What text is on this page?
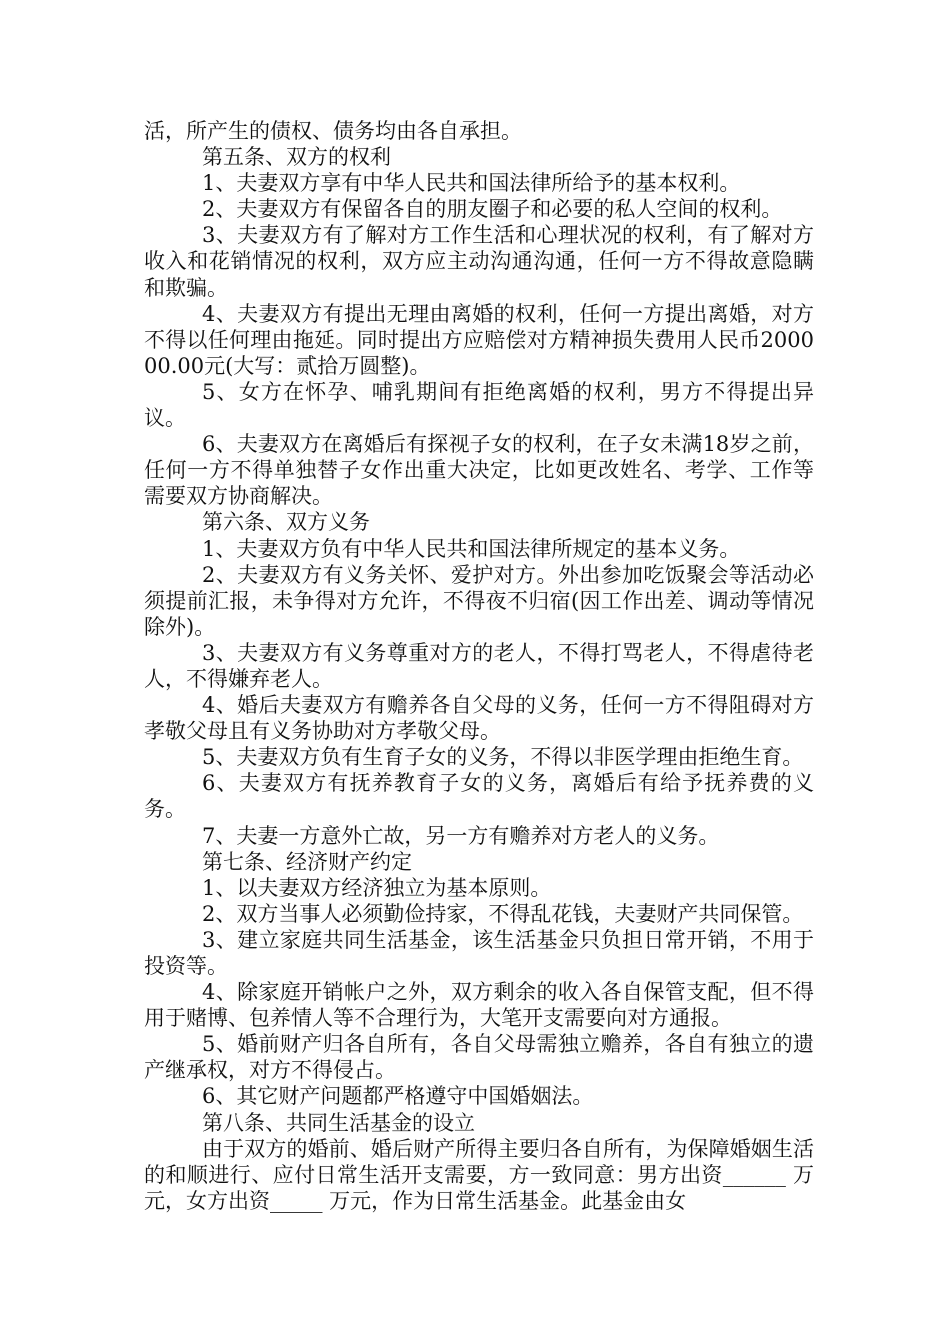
活，所产生的债权、债务均由各自承担。

第五条、双方的权利

1、夫妻双方享有中华人民共和国法律所给予的基本权利。

2、夫妻双方有保留各自的朋友圈子和必要的私人空间的权利。

3、夫妻双方有了解对方工作生活和心理状况的权利，有了解对方收入和花销情况的权利，双方应主动沟通沟通，任何一方不得故意隐瞒和欺骗。

4、夫妻双方有提出无理由离婚的权利，任何一方提出离婚，对方不得以任何理由拖延。同时提出方应赔偿对方精神损失费用人民币200000.00元(大写：贰拾万圆整)。

5、女方在怀孕、哺乳期间有拒绝离婚的权利，男方不得提出异议。

6、夫妻双方在离婚后有探视子女的权利，在子女未满18岁之前，任何一方不得单独替子女作出重大决定，比如更改姓名、考学、工作等需要双方协商解决。

第六条、双方义务

1、夫妻双方负有中华人民共和国法律所规定的基本义务。

2、夫妻双方有义务关怀、爱护对方。外出参加吃饭聚会等活动必须提前汇报，未争得对方允许，不得夜不归宿(因工作出差、调动等情况除外)。

3、夫妻双方有义务尊重对方的老人，不得打骂老人，不得虐待老人，不得嫌弃老人。

4、婚后夫妻双方有赡养各自父母的义务，任何一方不得阻碍对方孝敬父母且有义务协助对方孝敬父母。

5、夫妻双方负有生育子女的义务，不得以非医学理由拒绝生育。

6、夫妻双方有抚养教育子女的义务，离婚后有给予抚养费的义务。

7、夫妻一方意外亡故，另一方有赡养对方老人的义务。

第七条、经济财产约定

1、以夫妻双方经济独立为基本原则。

2、双方当事人必须勤俭持家，不得乱花钱，夫妻财产共同保管。

3、建立家庭共同生活基金，该生活基金只负担日常开销，不用于投资等。

4、除家庭开销帐户之外，双方剩余的收入各自保管支配，但不得用于赌博、包养情人等不合理行为，大笔开支需要向对方通报。

5、婚前财产归各自所有，各自父母需独立赡养，各自有独立的遗产继承权，对方不得侵占。

6、其它财产问题都严格遵守中国婚姻法。

第八条、共同生活基金的设立

由于双方的婚前、婚后财产所得主要归各自所有，为保障婚姻生活的和顺进行、应付日常生活开支需要，方一致同意：男方出资______ 万元，女方出资_____ 万元，作为日常生活基金。此基金由女
